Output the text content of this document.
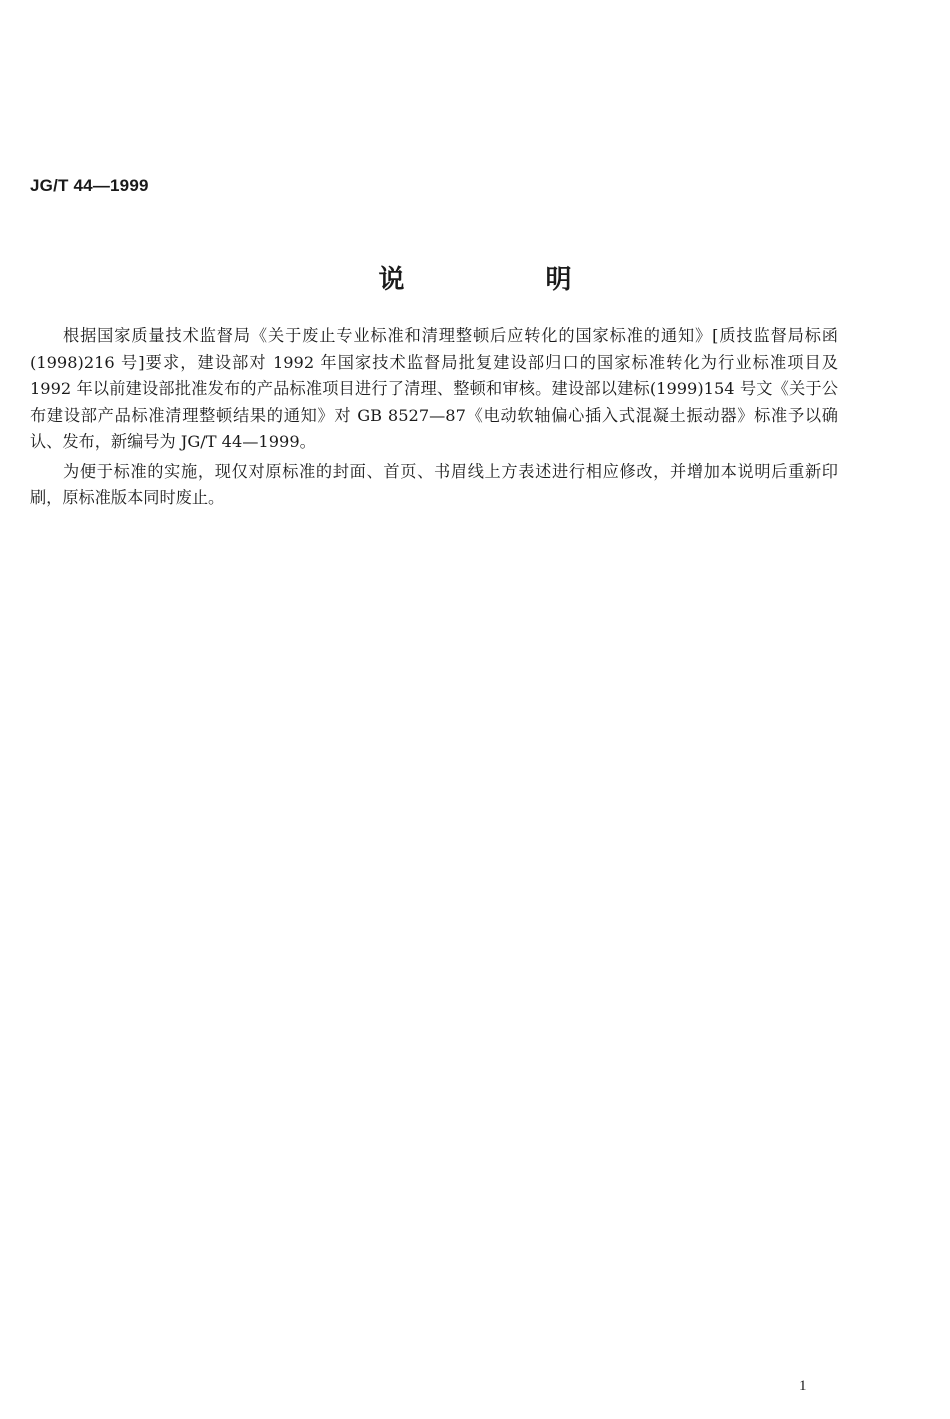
JG/T 44—1999
说 明

根据国家质量技术监督局《关于废止专业标准和清理整顿后应转化的国家标准的通知》[质技监督局标函(1998)216 号]要求，建设部对 1992 年国家技术监督局批复建设部归口的国家标准转化为行业标准项目及 1992 年以前建设部批准发布的产品标准项目进行了清理、整顿和审核。建设部以建标(1999)154 号文《关于公布建设部产品标准清理整顿结果的通知》对 GB 8527—87《电动软轴偏心插入式混凝土振动器》标准予以确认、发布，新编号为 JG/T 44—1999。

为便于标准的实施，现仅对原标准的封面、首页、书眉线上方表述进行相应修改，并增加本说明后重新印刷，原标准版本同时废止。

1
